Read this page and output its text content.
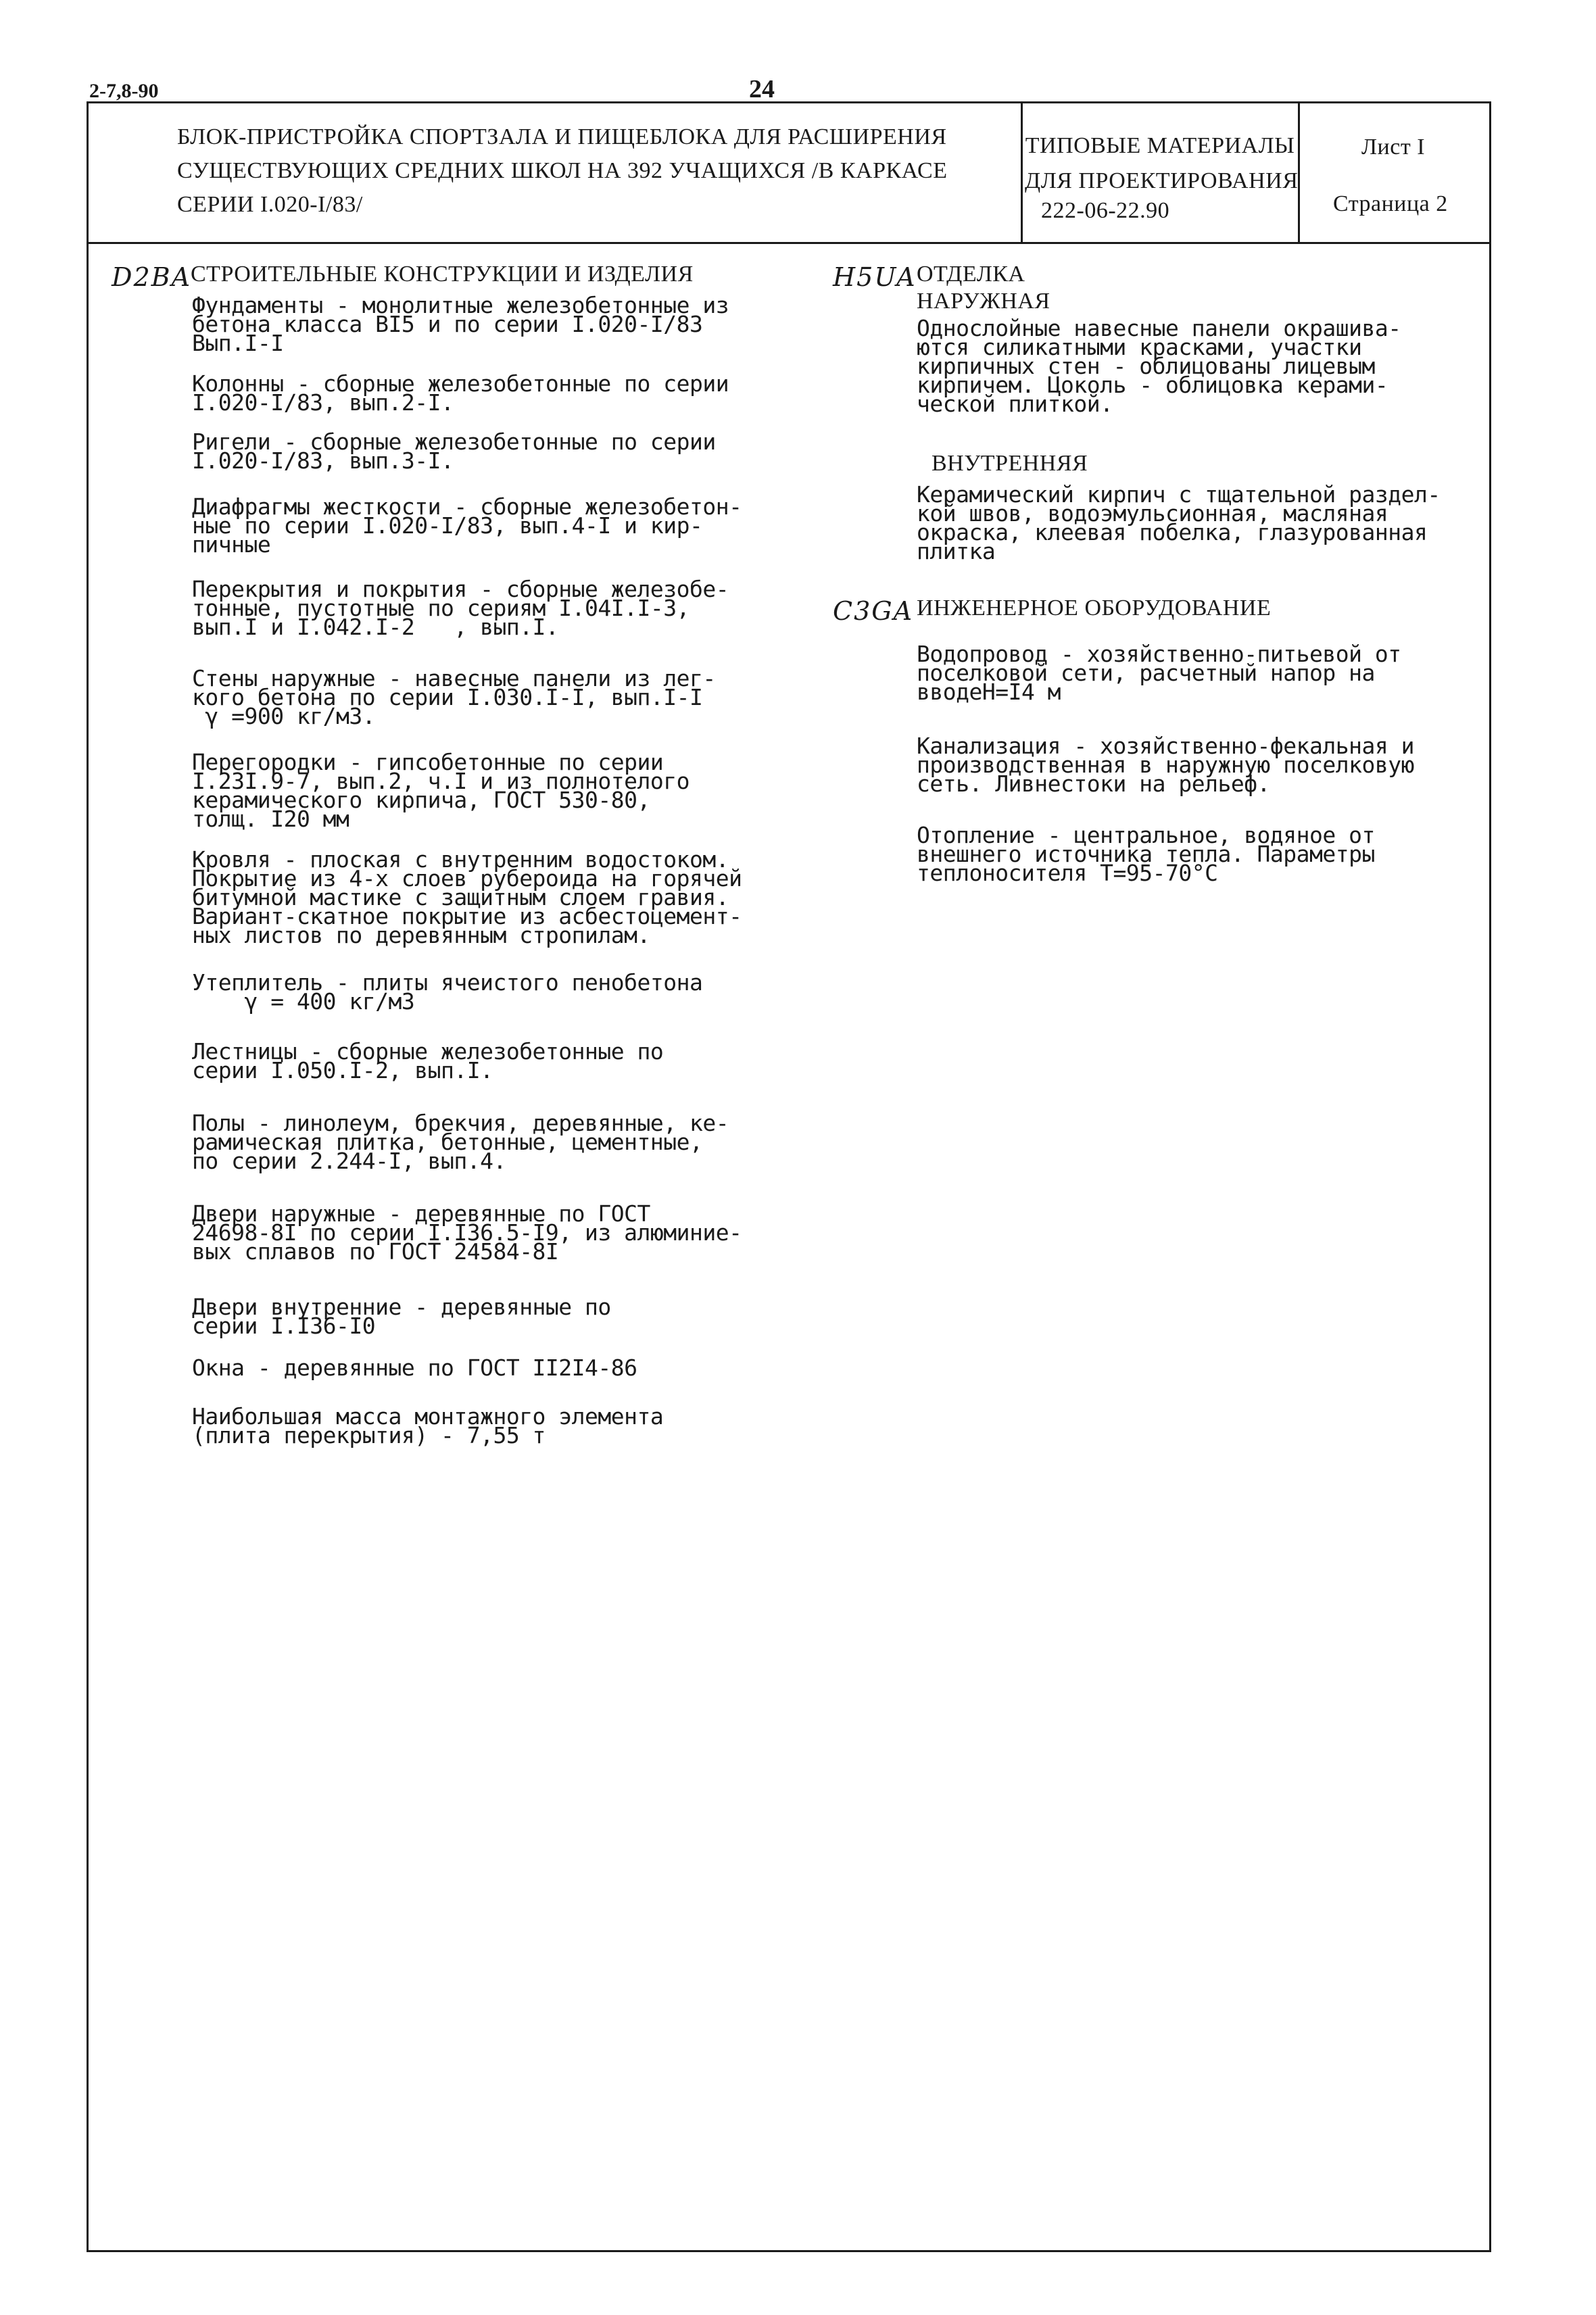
2-7,8-90	24
БЛОК-ПРИСТРОЙКА СПОРТЗАЛА И ПИЩЕБЛОКА ДЛЯ РАСШИРЕНИЯ
СУЩЕСТВУЮЩИХ СРЕДНИХ ШКОЛ НА 392 УЧАЩИХСЯ /В КАРКАСЕ
СЕРИИ I.020-I/83/
ТИПОВЫЕ МАТЕРИАЛЫ
ДЛЯ ПРОЕКТИРОВАНИЯ
222-06-22.90
Лист I
Страница 2
D2BA
СТРОИТЕЛЬНЫЕ КОНСТРУКЦИИ И ИЗДЕЛИЯ
Фундаменты - монолитные железобетонные из
бетона класса BI5 и по серии I.020-I/83
Вып.I-I
Колонны - сборные железобетонные по серии
I.020-I/83, вып.2-I.
Ригели - сборные железобетонные по серии
I.020-I/83, вып.3-I.
Диафрагмы жесткости - сборные железобетон-
ные по серии I.020-I/83, вып.4-I и кир-
пичные
Перекрытия и покрытия - сборные железобе-
тонные, пустотные по сериям I.04I.I-3,
вып.I и I.042.I-2   , вып.I.
Стены наружные - навесные панели из лег-
кого бетона по серии I.030.I-I, вып.I-I
γ =900 кг/м3.
Перегородки - гипсобетонные по серии
I.23I.9-7, вып.2, ч.I и из полнотелого
керамического кирпича, ГОСТ 530-80,
толщ. I20 мм
Кровля - плоская с внутренним водостоком.
Покрытие из 4-х слоев рубероида на горячей
битумной мастике с защитным слоем гравия.
Вариант-скатное покрытие из асбестоцемент-
ных листов по деревянным стропилам.
Утеплитель - плиты ячеистого пенобетона
γ = 400 кг/м3
Лестницы - сборные железобетонные по
серии I.050.I-2, вып.I.
Полы - линолеум, брекчия, деревянные, ке-
рамическая плитка, бетонные, цементные,
по серии 2.244-I, вып.4.
Двери наружные - деревянные по ГОСТ
24698-8I по серии I.I36.5-I9, из алюминие-
вых сплавов по ГОСТ 24584-8I
Двери внутренние - деревянные по
серии I.I36-I0
Окна - деревянные по ГОСТ II2I4-86
Наибольшая масса монтажного элемента
(плита перекрытия) - 7,55 т
H5UA ОТДЕЛКА
НАРУЖНАЯ
Однослойные навесные панели окрашива-
ются силикатными красками, участки
кирпичных стен - облицованы лицевым
кирпичем. Цоколь - облицовка керами-
ческой плиткой.
ВНУТРЕННЯЯ
Керамический кирпич с тщательной раздел-
кой швов, водоэмульсионная, масляная
окраска, клеевая побелка, глазурованная
плитка
C3GA ИНЖЕНЕРНОЕ ОБОРУДОВАНИЕ
Водопровод - хозяйственно-питьевой от
поселковой сети, расчетный напор на
вводеН=I4 м
Канализация - хозяйственно-фекальная и
производственная в наружную поселковую
сеть. Ливнестоки на рельеф.
Отопление - центральное, водяное от
внешнего источника тепла. Параметры
теплоносителя Т=95-70°С
